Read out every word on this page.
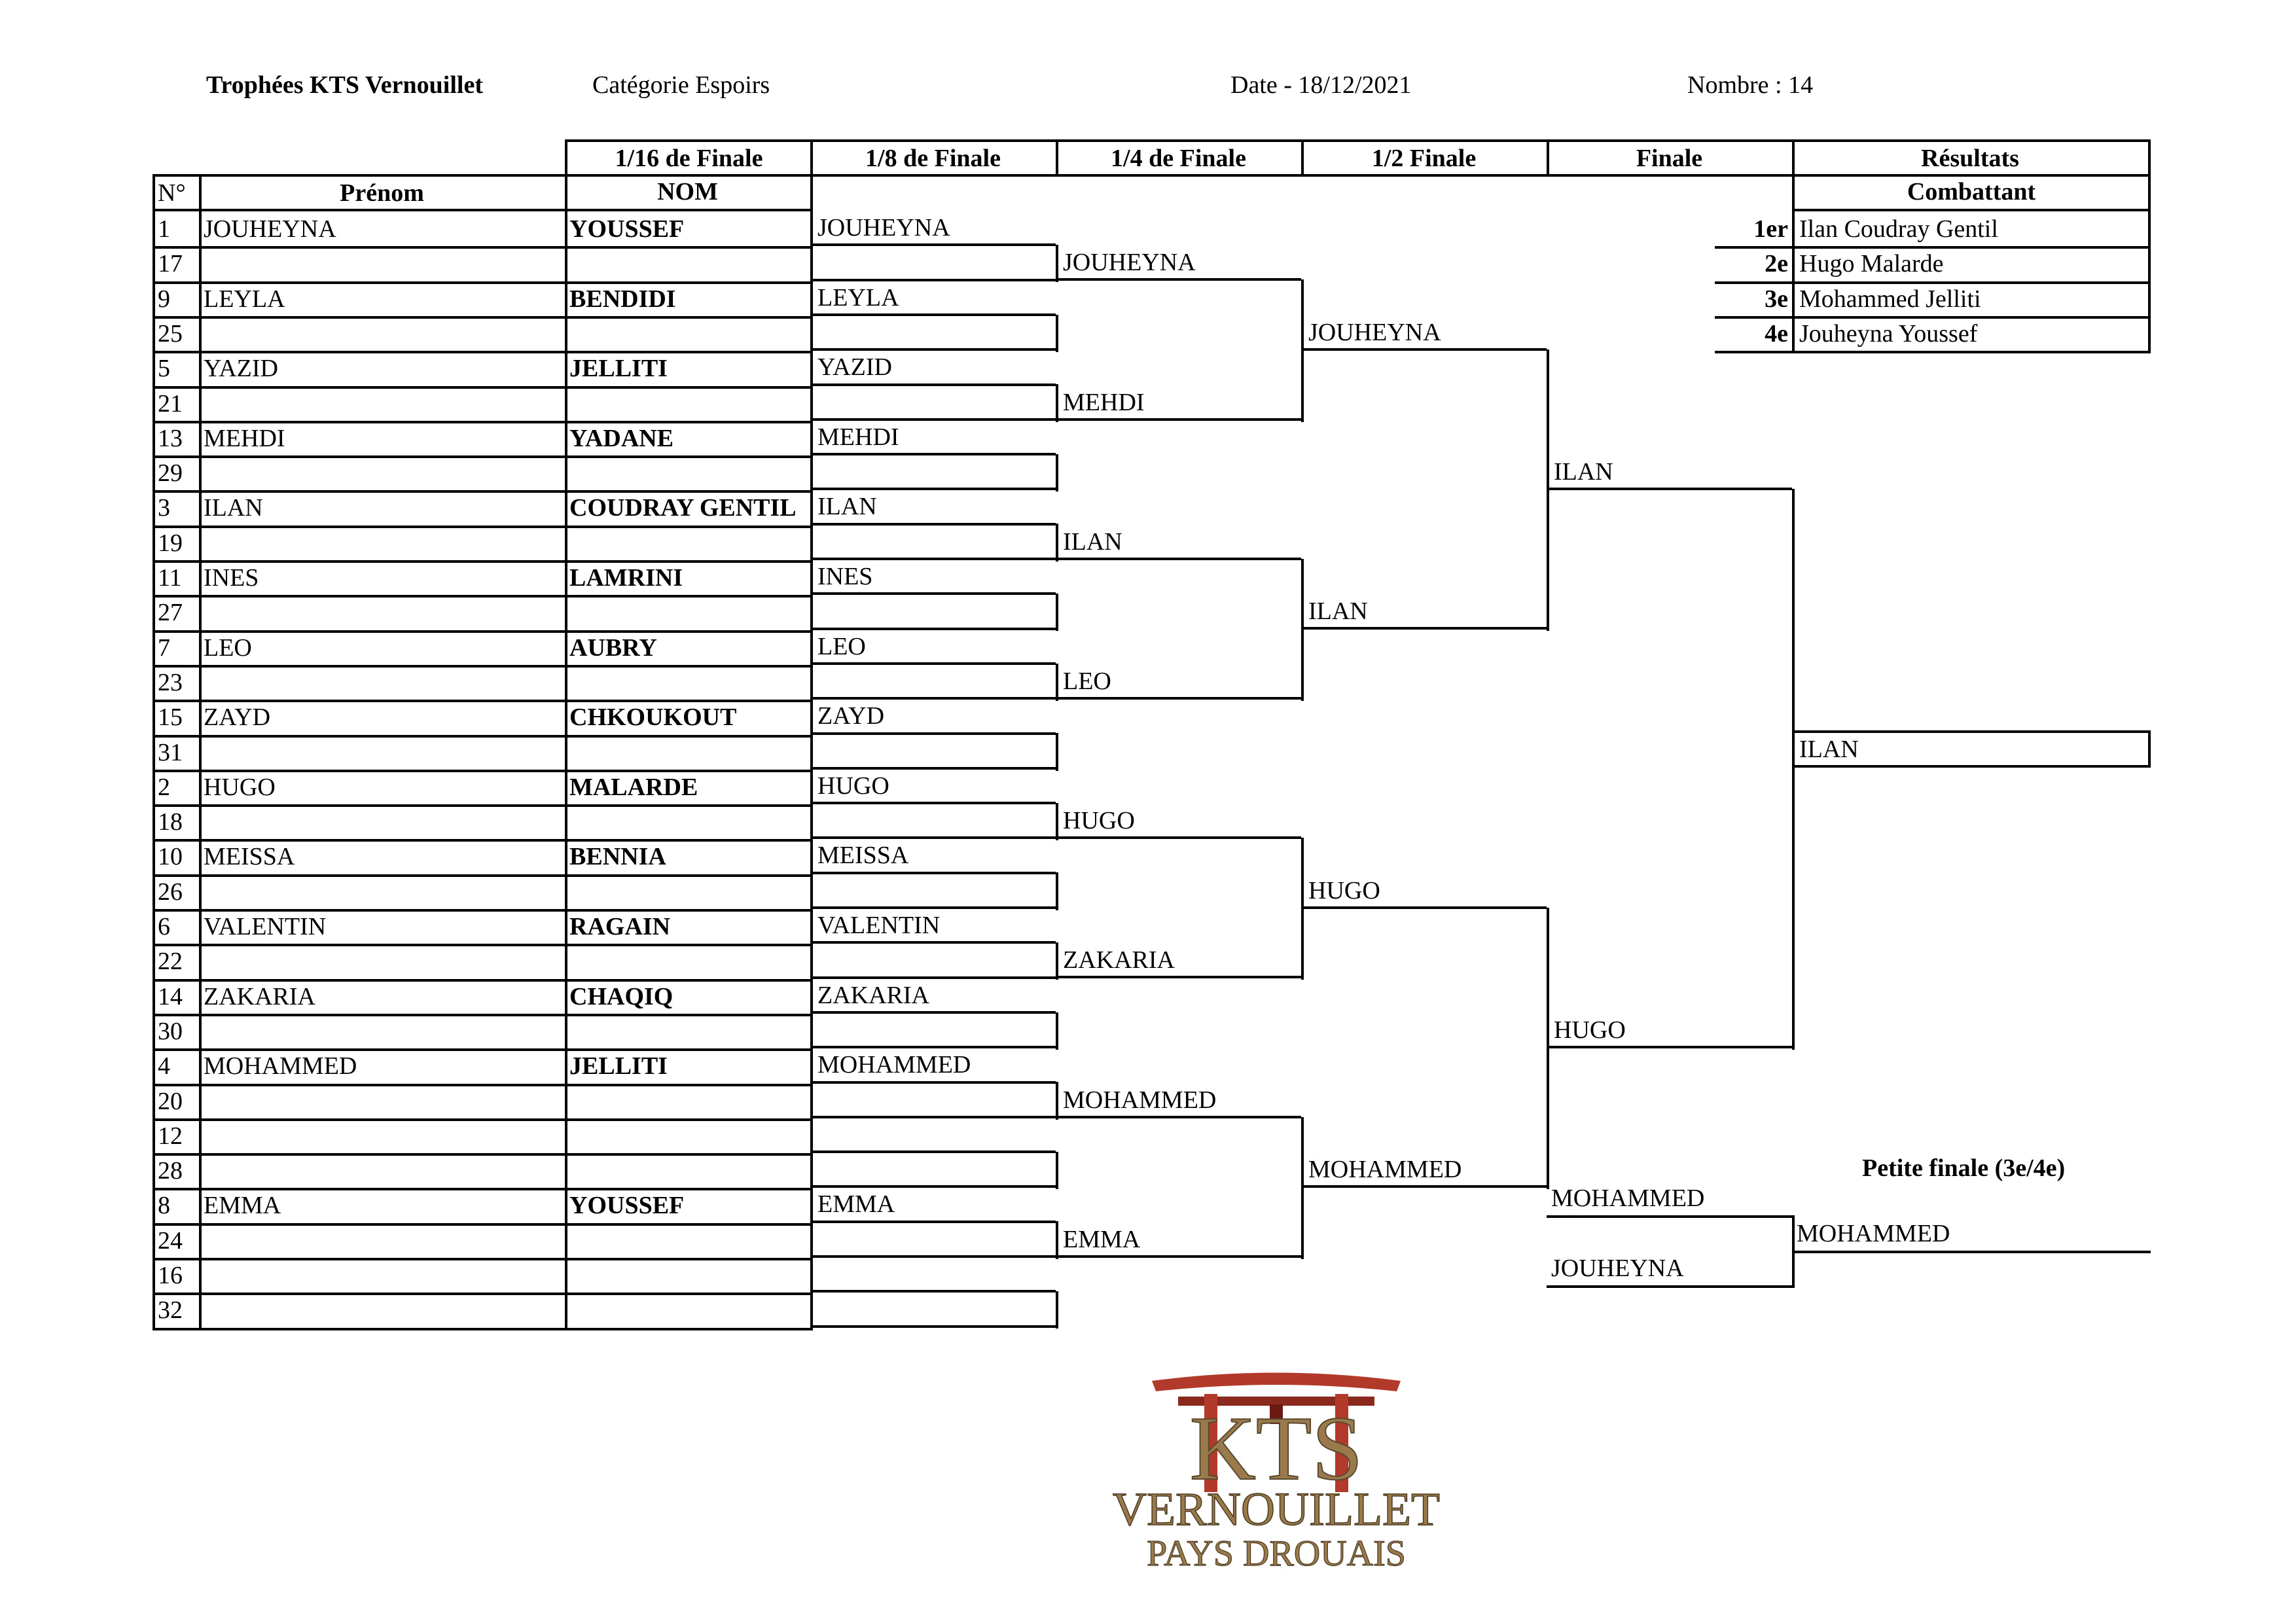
Trophées KTS Vernouillet	Catégorie Espoirs	Date - 18/12/2021	Nombre : 14
1/16 de Finale	1/8 de Finale	1/4 de Finale	1/2 Finale	Finale	Résultats
N°	Prénom	NOM	Combattant
1	JOUHEYNA	YOUSSEF
17
9	LEYLA	BENDIDI
25
5	YAZID	JELLITI
21
13 MEHDI	YADANE
29
3	ILAN	COUDRAY GENTIL
19
11 INES	LAMRINI
27
7	LEO	AUBRY
23
15 ZAYD	CHKOUKOUT
31
2	HUGO	MALARDE
18
10 MEISSA	BENNIA
26
6	VALENTIN	RAGAIN
22
14 ZAKARIA	CHAQIQ
30
4	MOHAMMED	JELLITI
20
12
28
8	EMMA	YOUSSEF
24
16
32
JOUHEYNA
LEYLA
YAZID
MEHDI
ILAN
INES
LEO
ZAYD
HUGO
MEISSA
VALENTIN
ZAKARIA
MOHAMMED
EMMA
JOUHEYNA
MEHDI
ILAN
LEO
HUGO
ZAKARIA
MOHAMMED
EMMA
JOUHEYNA
ILAN
HUGO
MOHAMMED
ILAN
HUGO
1er Ilan Coudray Gentil
2e Hugo Malarde
3e Mohammed Jelliti
4e Jouheyna Youssef
ILAN
Petite finale (3e/4e)
MOHAMMED
JOUHEYNA
MOHAMMED
KTS
VERNOUILLET
PAYS DROUAIS
